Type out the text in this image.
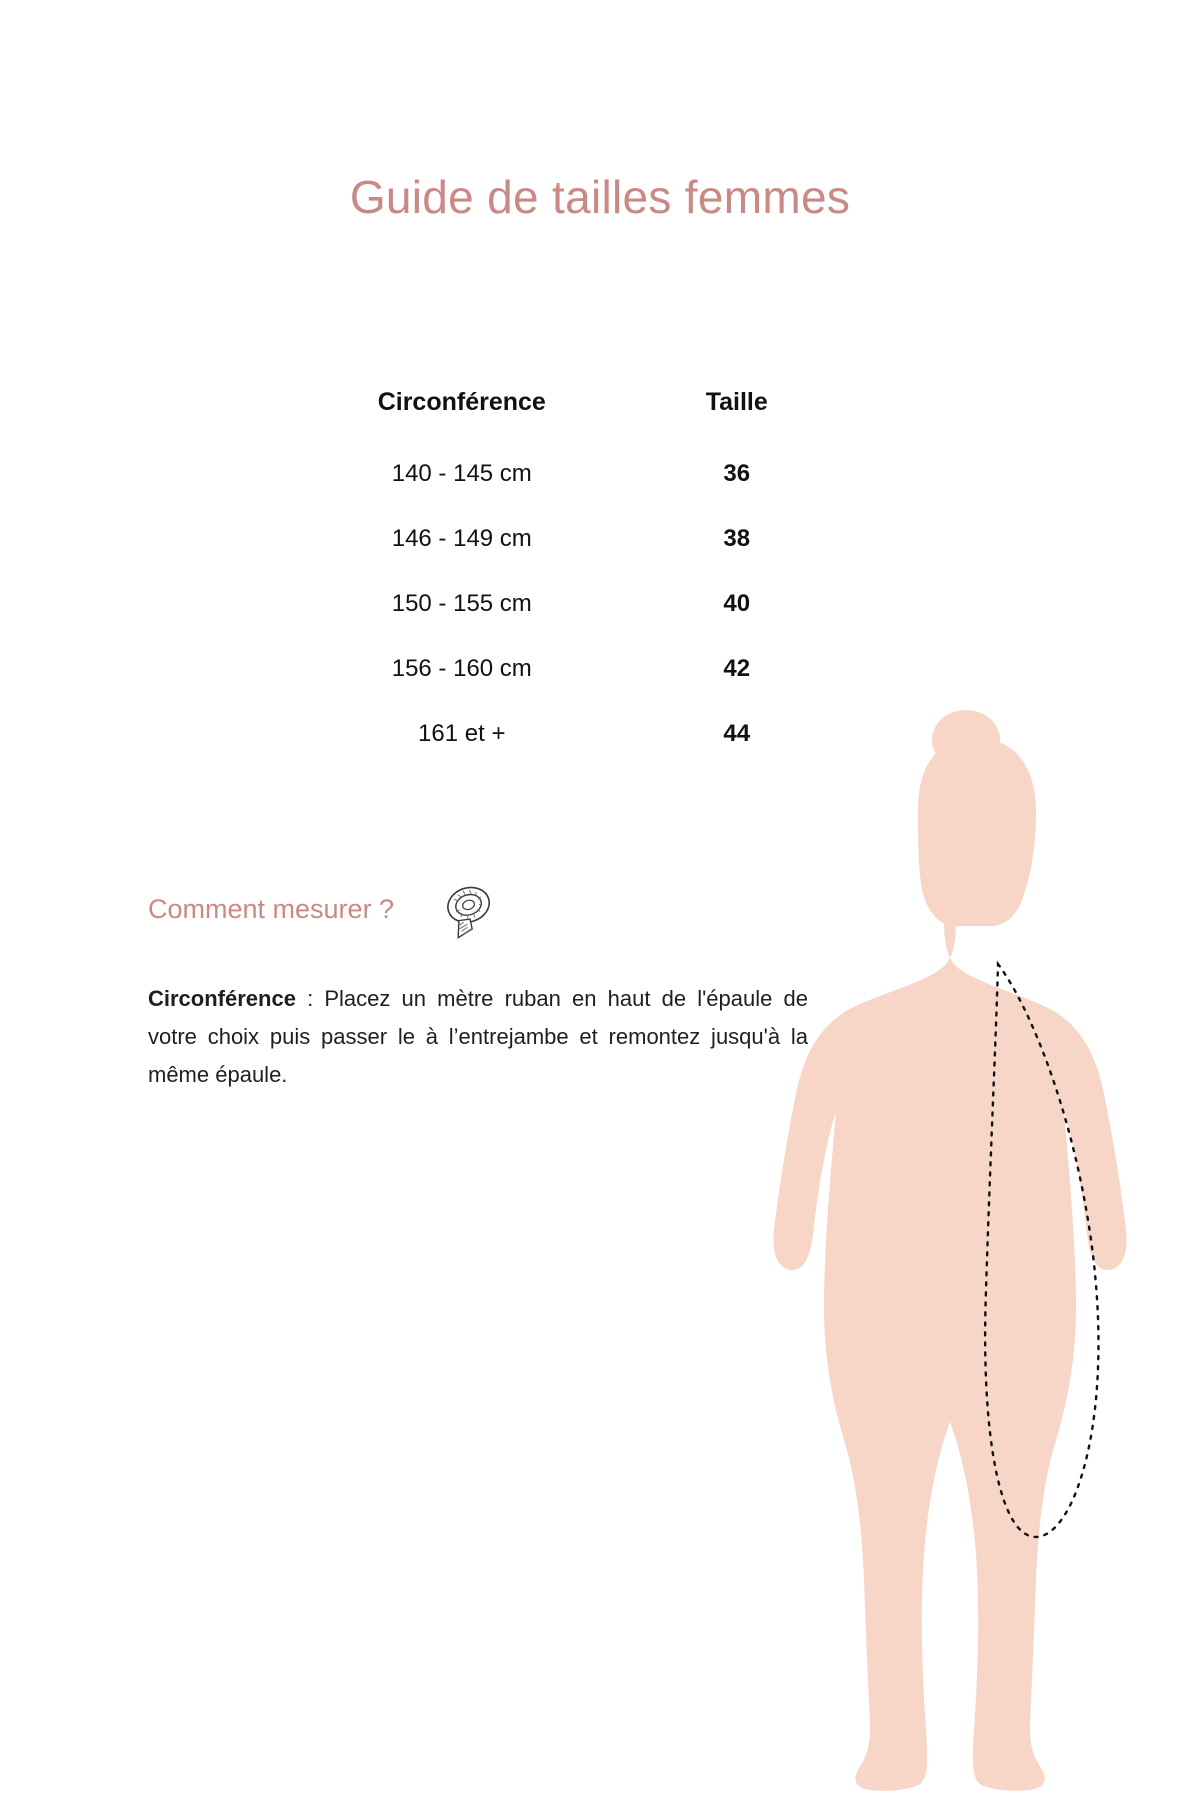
Guide de tailles femmes
Circonférence	Taille
140 - 145 cm	36
146 - 149 cm	38
150 - 155 cm	40
156 - 160 cm	42
161 et +	44
Comment mesurer ?
Circonférence : Placez un mètre ruban en haut de l'épaule de votre choix puis passer le à l’entrejambe et remontez jusqu'à la même épaule.
